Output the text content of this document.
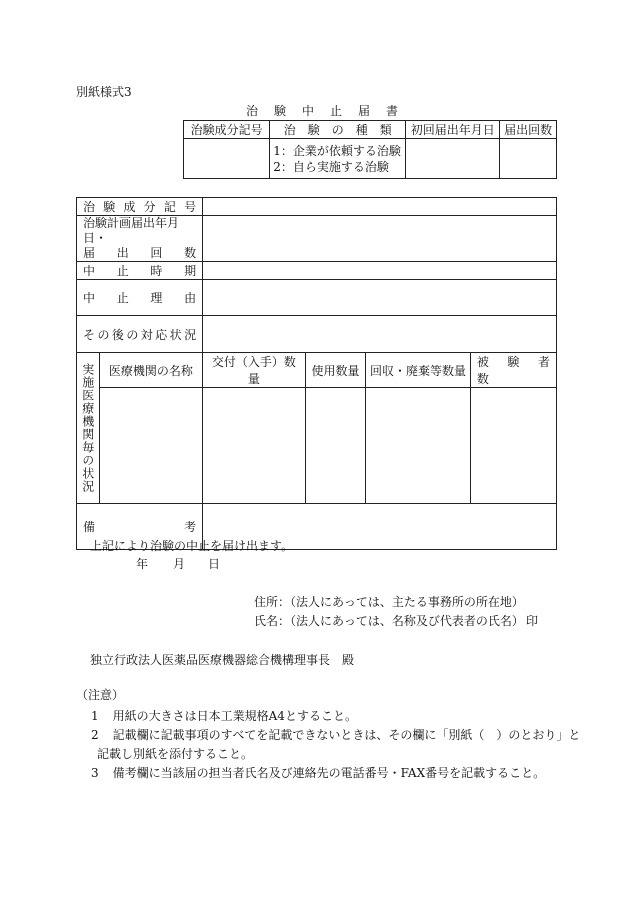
別紙様式3
治　験　中　止　届　書
治験成分記号	治　験　の　種　類	初回届出年月日	届出回数

	1：企業が依頼する治験
2：自ら実施する治験		

治験成分記号					

治験計画届出年月日・
届　出　回　数					

中　止　時　期					
中　止　理　由					
その後の対応状況					

実施医療機関毎の状況	医療機関の名称	交付（入手）数量	使用数量	回収・廃棄等数量	被　験　者　数

備 考					

上記により治験の中止を届け出ます。
年 月 日
住所：（法人にあっては、主たる事務所の所在地）
氏名：（法人にあっては、名称及び代表者の氏名） 印
独立行政法人医薬品医療機器総合機構理事長　殿
（注意）
1 用紙の大きさは日本工業規格A4とすること。
2 記載欄に記載事項のすべてを記載できないときは、その欄に「別紙（　）のとおり」と
記載し別紙を添付すること。
3 備考欄に当該届の担当者氏名及び連絡先の電話番号・FAX番号を記載すること。
